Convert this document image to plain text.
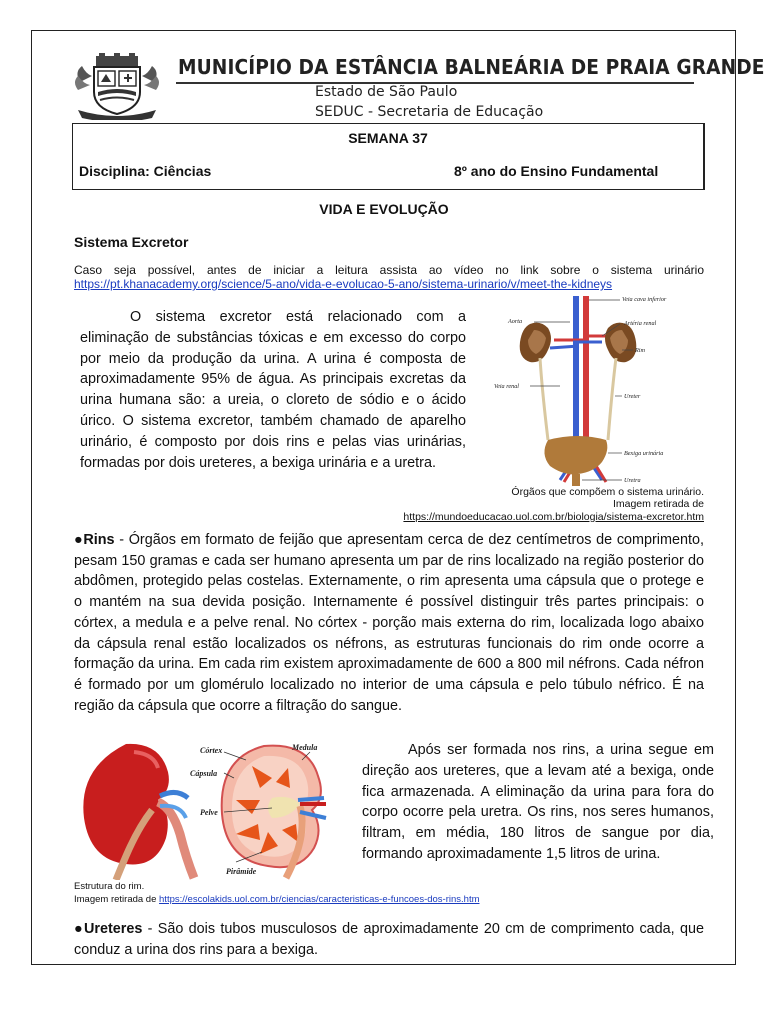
MUNICÍPIO DA ESTÂNCIA BALNEÁRIA DE PRAIA GRANDE
Estado de São Paulo
SEDUC - Secretaria de Educação
SEMANA 37
Disciplina: Ciências	8º ano do Ensino Fundamental
VIDA E EVOLUÇÃO
Sistema Excretor
Caso seja possível, antes de iniciar a leitura assista ao vídeo no link sobre o sistema urinário
https://pt.khanacademy.org/science/5-ano/vida-e-evolucao-5-ano/sistema-urinario/v/meet-the-kidneys
O sistema excretor está relacionado com a eliminação de substâncias tóxicas e em excesso do corpo por meio da produção da urina. A urina é composta de aproximadamente 95% de água. As principais excretas da urina humana são: a ureia, o cloreto de sódio e o ácido úrico. O sistema excretor, também chamado de aparelho urinário, é composto por dois rins e pelas vias urinárias, formadas por dois ureteres, a bexiga urinária e a uretra.
Veia cava inferior
Aorta	Artéria renal
Rim
Veia renal
Ureter
Bexiga urinária
Uretra
Órgãos que compõem o sistema urinário.
Imagem retirada de
https://mundoeducacao.uol.com.br/biologia/sistema-excretor.htm
●Rins - Órgãos em formato de feijão que apresentam cerca de dez centímetros de comprimento, pesam 150 gramas e cada ser humano apresenta um par de rins localizado na região posterior do abdômen, protegido pelas costelas. Externamente, o rim apresenta uma cápsula que o protege e o mantém na sua devida posição. Internamente é possível distinguir três partes principais: o córtex, a medula e a pelve renal. No córtex - porção mais externa do rim, localizada logo abaixo da cápsula renal estão localizados os néfrons, as estruturas funcionais do rim onde ocorre a formação da urina. Em cada rim existem aproximadamente de 600 a 800 mil néfrons. Cada néfron é formado por um glomérulo localizado no interior de uma cápsula e pelo túbulo néfrico. É na região da cápsula que ocorre a filtração do sangue.
Córtex
Cápsula
Medula
Pelve
Pirâmide
Estrutura do rim.
Imagem retirada de https://escolakids.uol.com.br/ciencias/caracteristicas-e-funcoes-dos-rins.htm
Após ser formada nos rins, a urina segue em direção aos ureteres, que a levam até a bexiga, onde fica armazenada. A eliminação da urina para fora do corpo ocorre pela uretra. Os rins, nos seres humanos, filtram, em média, 180 litros de sangue por dia, formando aproximadamente 1,5 litros de urina.
●Ureteres - São dois tubos musculosos de aproximadamente 20 cm de comprimento cada, que conduz a urina dos rins para a bexiga.
